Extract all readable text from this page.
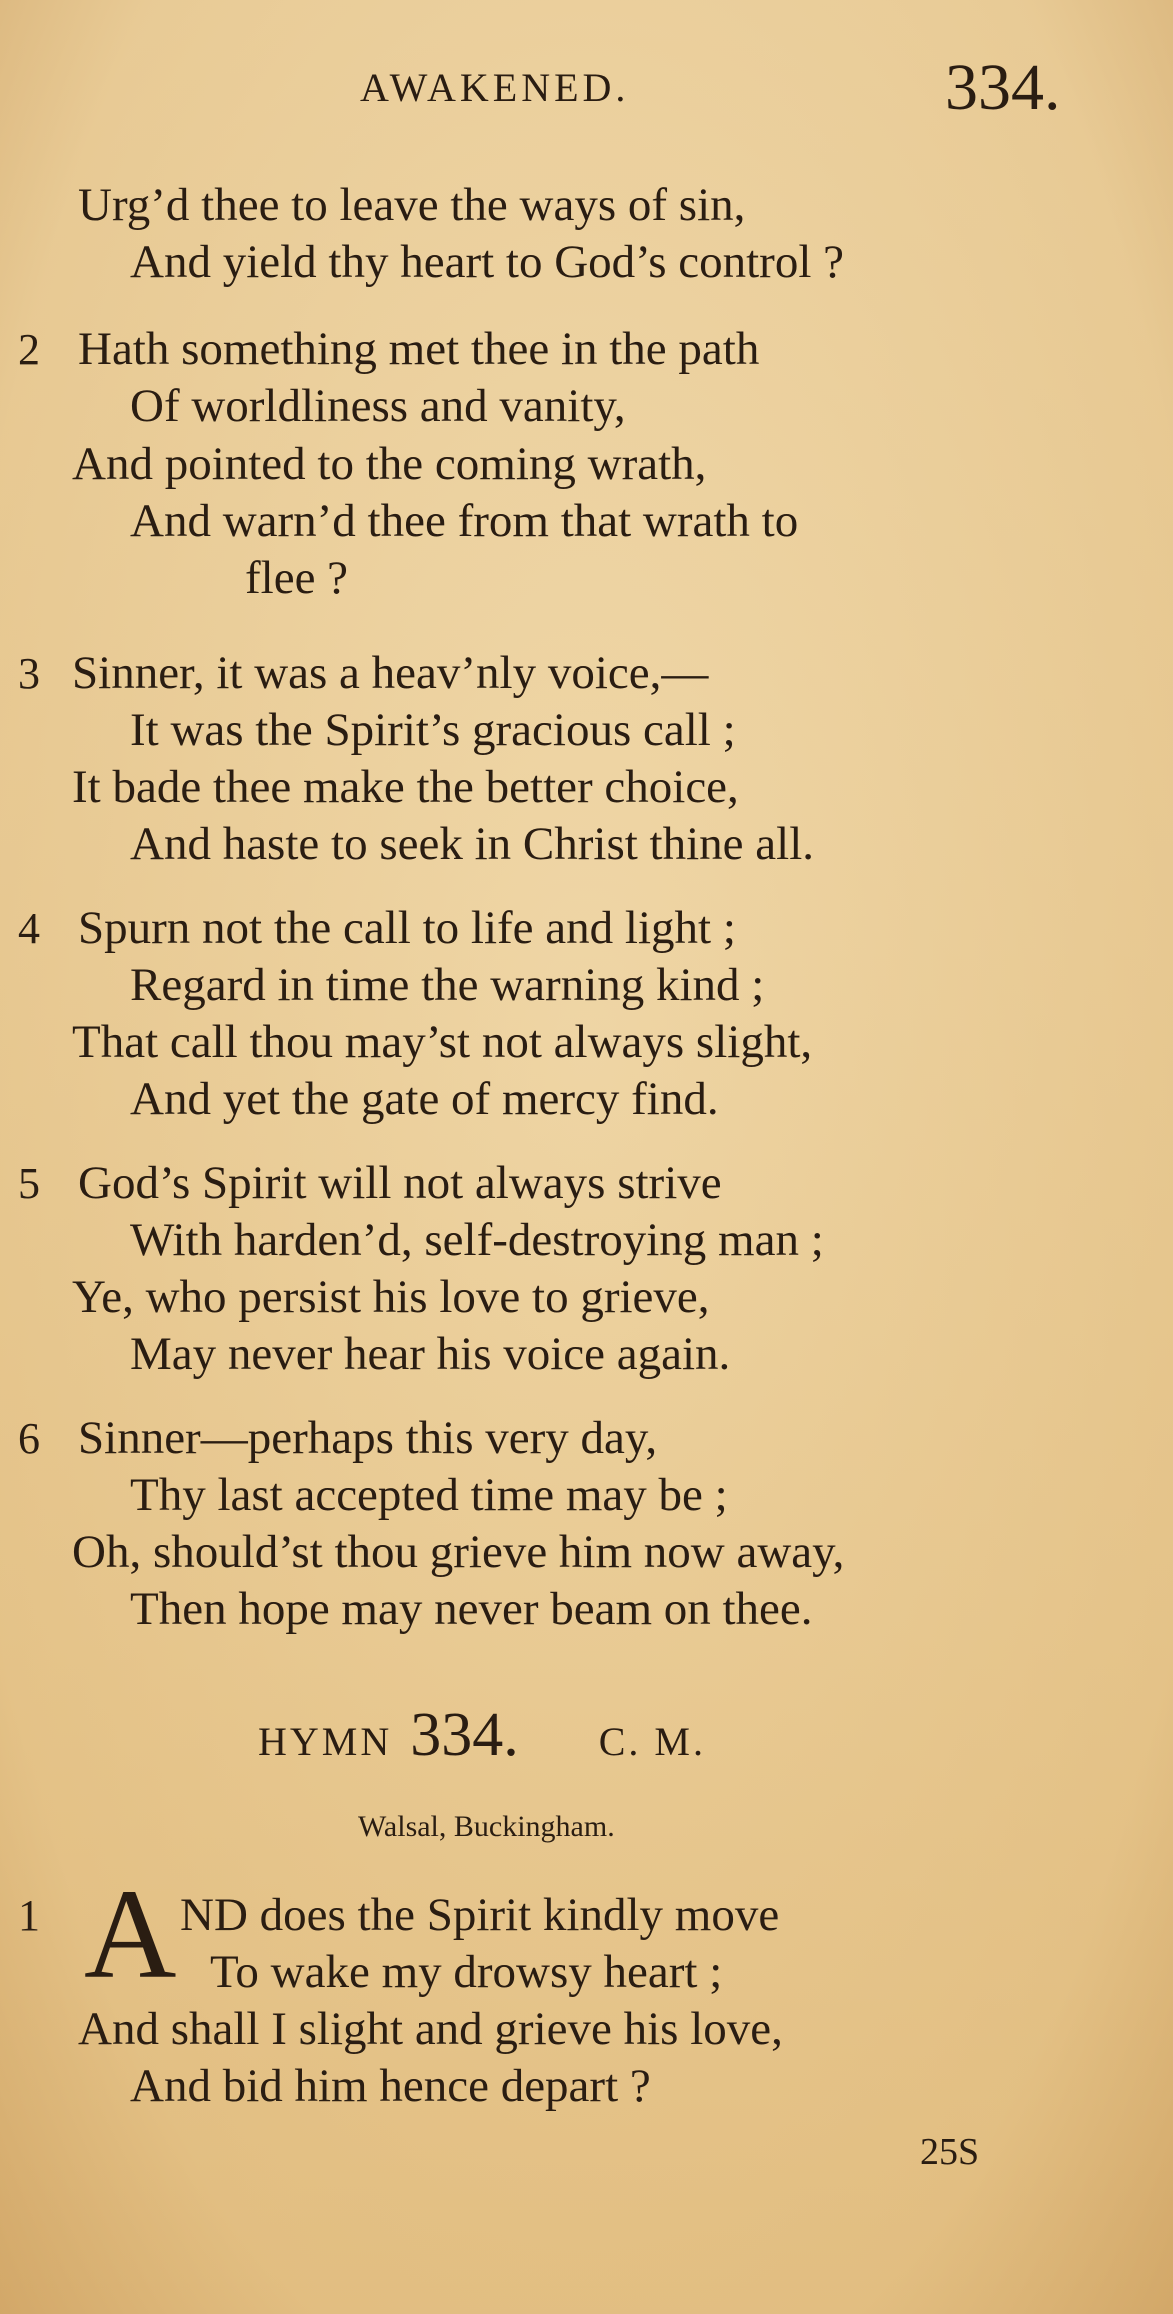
AWAKENED.	334.
Urg’d thee to leave the ways of sin,
And yield thy heart to God’s control ?
2 Hath something met thee in the path
Of worldliness and vanity,
And pointed to the coming wrath,
And warn’d thee from that wrath to
flee ?
3 Sinner, it was a heav’nly voice,—
It was the Spirit’s gracious call ;
It bade thee make the better choice,
And haste to seek in Christ thine all.
4 Spurn not the call to life and light ;
Regard in time the warning kind ;
That call thou may’st not always slight,
And yet the gate of mercy find.
5 God’s Spirit will not always strive
With harden’d, self-destroying man ;
Ye, who persist his love to grieve,
May never hear his voice again.
6 Sinner—perhaps this very day,
Thy last accepted time may be ;
Oh, should’st thou grieve him now away,
Then hope may never beam on thee.
HYMN 334. C. M.
Walsal, Buckingham.
1 A ND does the Spirit kindly move
To wake my drowsy heart ;
And shall I slight and grieve his love,
And bid him hence depart ?
25S
